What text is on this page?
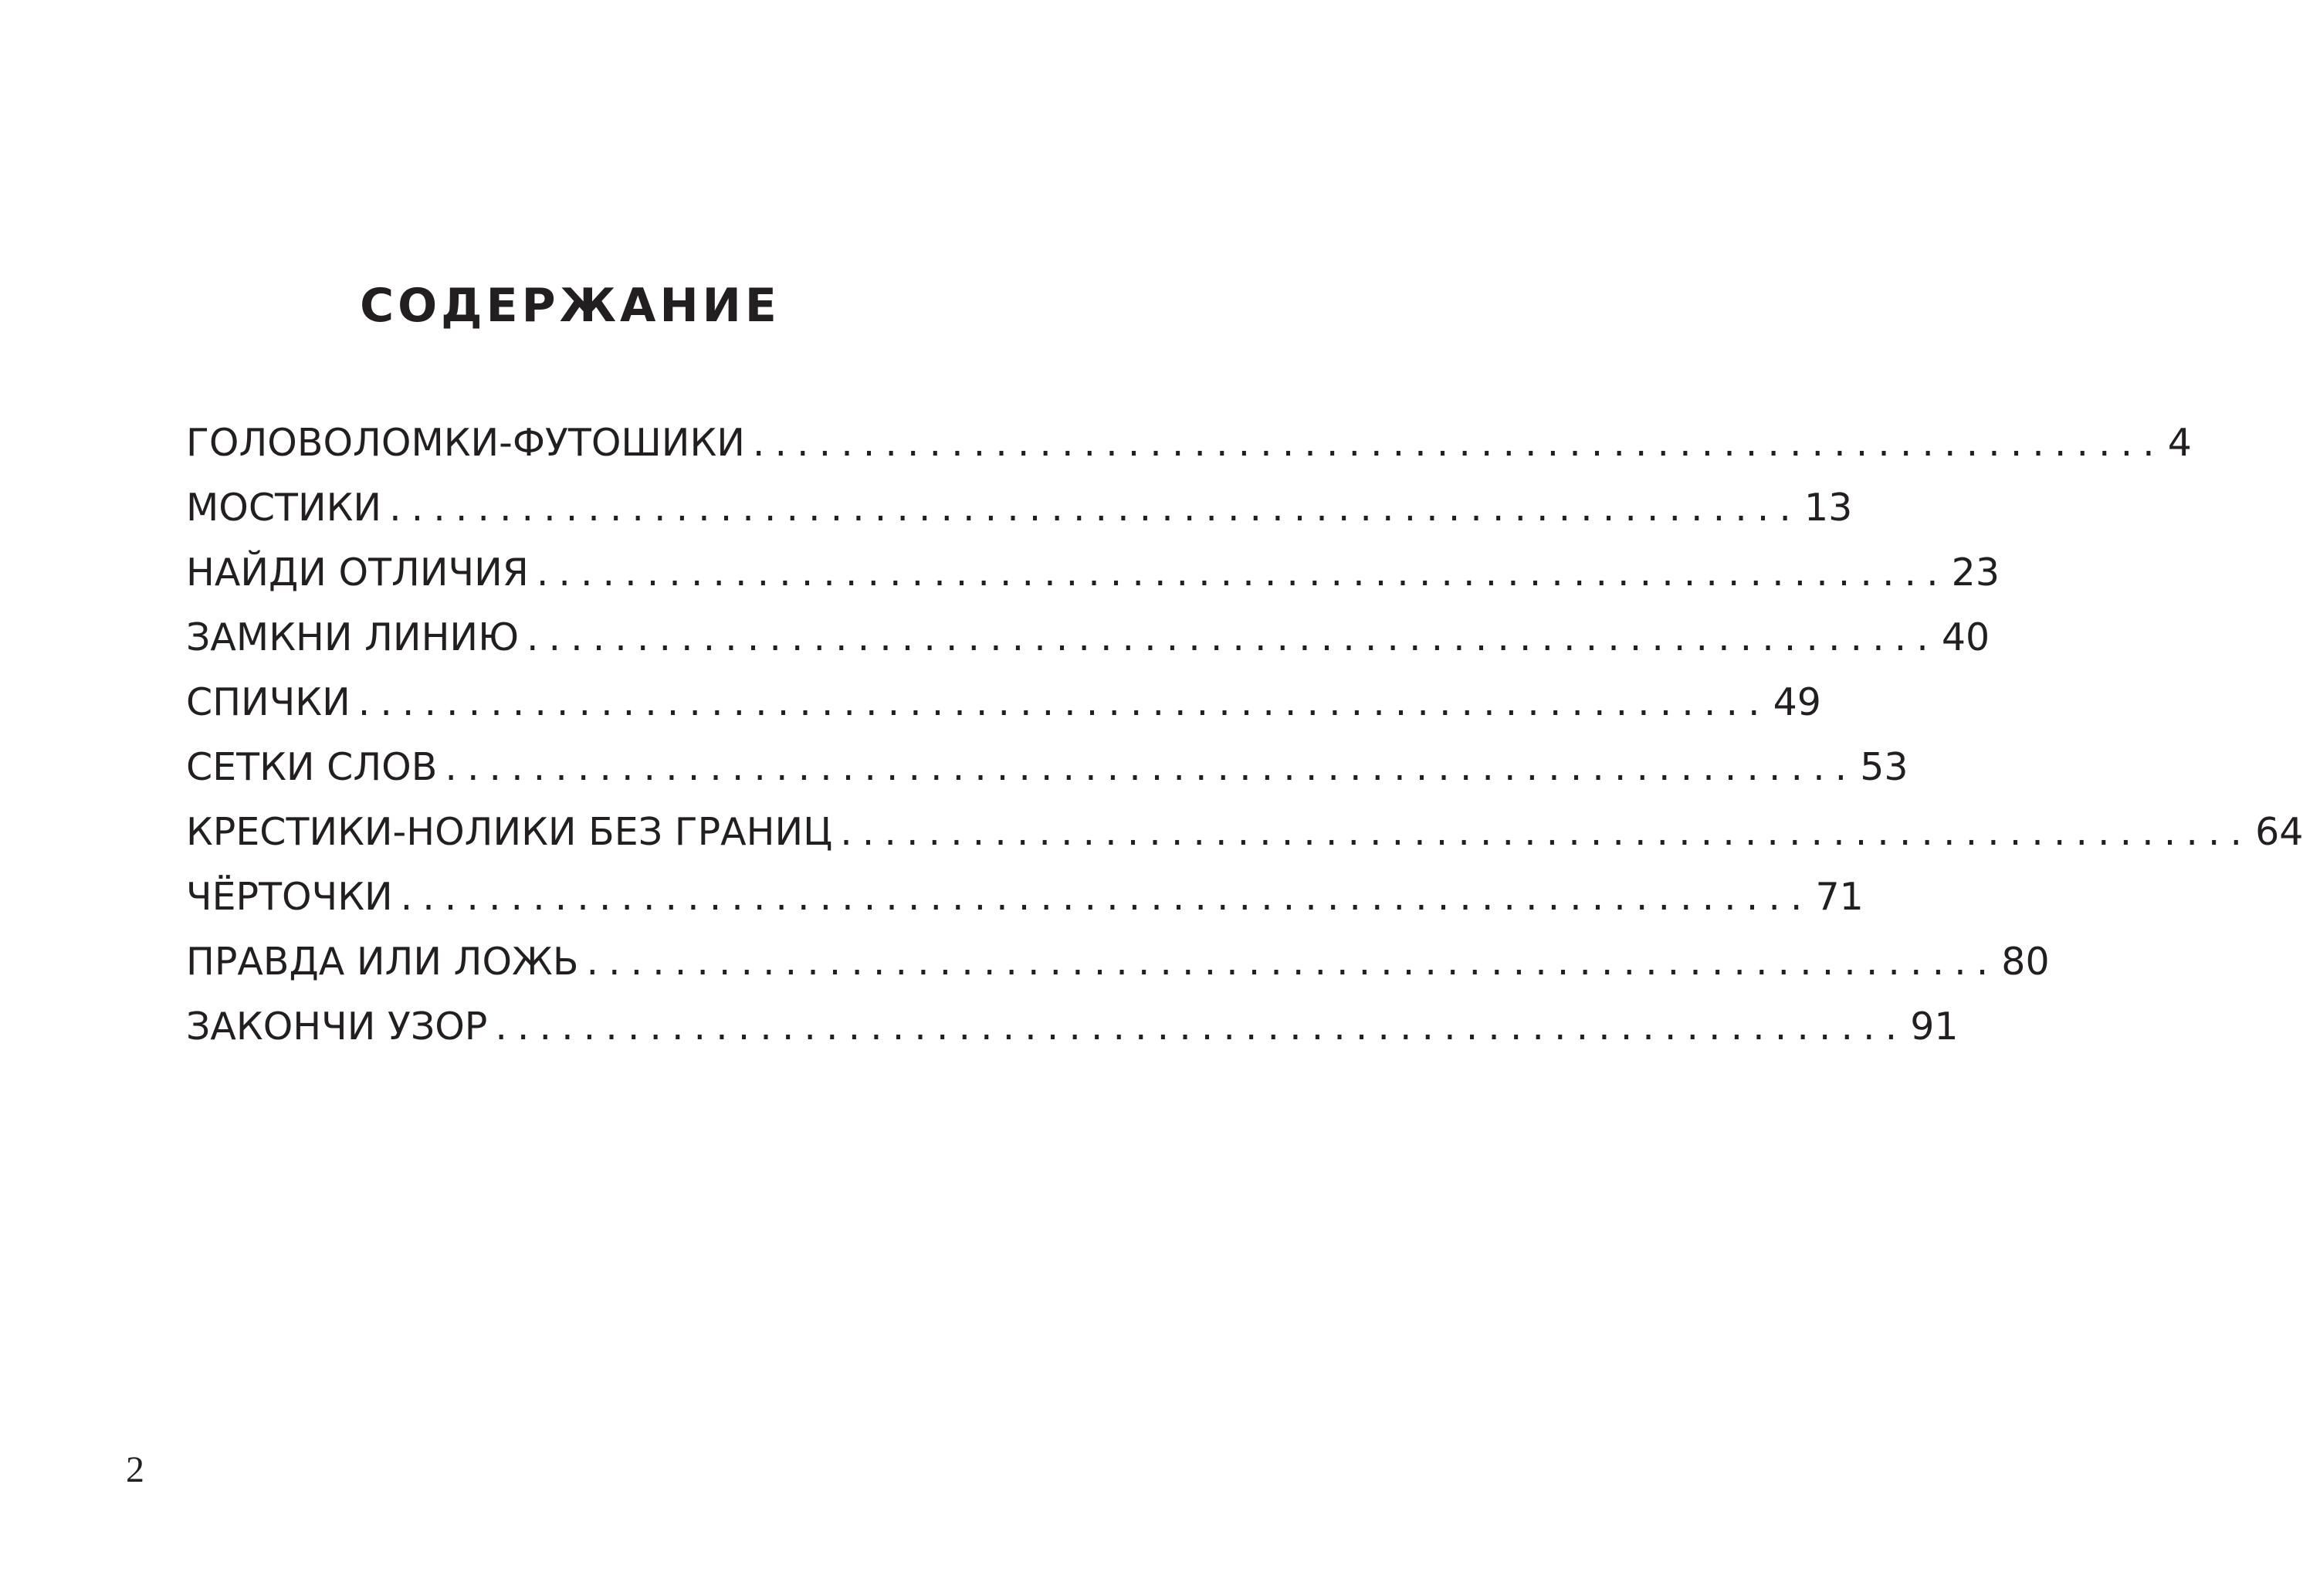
СОДЕРЖАНИЕ
ГОЛОВОЛОМКИ-ФУТОШИКИ ................................................................ 4
МОСТИКИ ................................................................ 13
НАЙДИ ОТЛИЧИЯ ................................................................ 23
ЗАМКНИ ЛИНИЮ ................................................................ 40
СПИЧКИ ................................................................ 49
СЕТКИ СЛОВ ................................................................ 53
КРЕСТИКИ-НОЛИКИ БЕЗ ГРАНИЦ ................................................................ 64
ЧЁРТОЧКИ ................................................................ 71
ПРАВДА ИЛИ ЛОЖЬ ................................................................ 80
ЗАКОНЧИ УЗОР ................................................................ 91
2
